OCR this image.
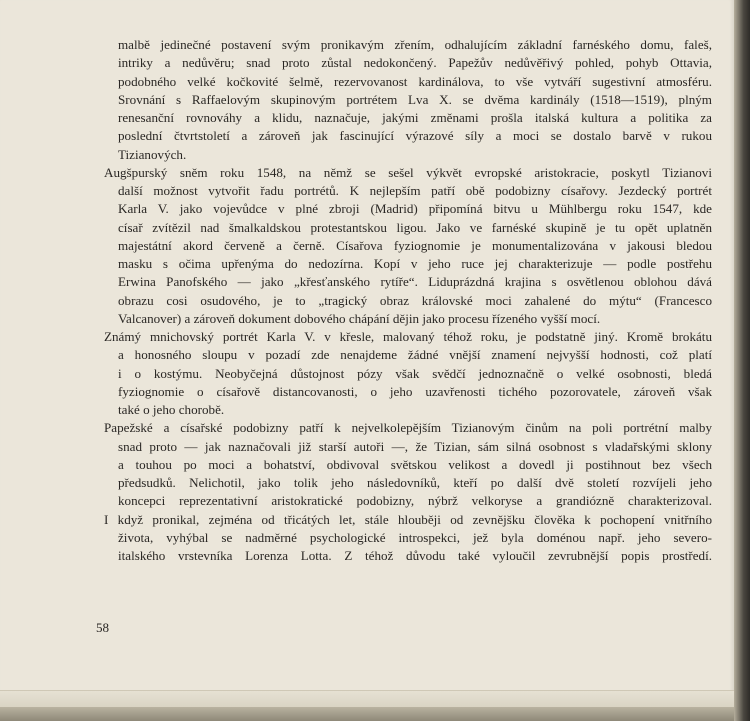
malbě jedinečné postavení svým pronikavým zřením, odhalujícím základní farnéského domu, faleš,
intriky a nedůvěru; snad proto zůstal nedokončený. Papežův nedůvěřivý pohled, pohyb Ottavia,
podobného velké kočkovité šelmě, rezervovanost kardinálova, to vše vytváří sugestivní atmosféru.
Srovnání s Raffaelovým skupinovým portrétem Lva X. se dvěma kardinály (1518—1519), plným
renesanční rovnováhy a klidu, naznačuje, jakými změnami prošla italská kultura a politika za
poslední čtvrtstoletí a zároveň jak fascinující výrazové síly a moci se dostalo barvě v rukou
Tizianových.
Augšpurský sněm roku 1548, na němž se sešel výkvět evropské aristokracie, poskytl Tizianovi
další možnost vytvořit řadu portrétů. K nejlepším patří obě podobizny císařovy. Jezdecký portrét
Karla V. jako vojevůdce v plné zbroji (Madrid) připomíná bitvu u Mühlbergu roku 1547, kde
císař zvítězil nad šmalkaldskou protestantskou ligou. Jako ve farnéské skupině je tu opět uplatněn
majestátní akord červeně a černě. Císařova fyziognomie je monumentalizována v jakousi bledou
masku s očima upřenýma do nedozírna. Kopí v jeho ruce jej charakterizuje — podle postřehu
Erwina Panofského — jako „křesťanského rytíře“. Liduprázdná krajina s osvětlenou oblohou dává
obrazu cosi osudového, je to „tragický obraz královské moci zahalené do mýtu“ (Francesco
Valcanover) a zároveň dokument dobového chápání dějin jako procesu řízeného vyšší mocí.
Známý mnichovský portrét Karla V. v křesle, malovaný téhož roku, je podstatně jiný. Kromě brokátu
a honosného sloupu v pozadí zde nenajdeme žádné vnější znamení nejvyšší hodnosti, což platí
i o kostýmu. Neobyčejná důstojnost pózy však svědčí jednoznačně o velké osobnosti, bledá
fyziognomie o císařově distancovanosti, o jeho uzavřenosti tichého pozorovatele, zároveň však
také o jeho chorobě.
Papežské a císařské podobizny patří k nejvelkolepějším Tizianovým činům na poli portrétní malby
snad proto — jak naznačovali již starší autoři —, že Tizian, sám silná osobnost s vladařskými sklony
a touhou po moci a bohatství, obdivoval světskou velikost a dovedl ji postihnout bez všech
předsudků. Nelichotil, jako tolik jeho následovníků, kteří po další dvě století rozvíjeli jeho
koncepci reprezentativní aristokratické podobizny, nýbrž velkoryse a grandiózně charakterizoval.
I když pronikal, zejména od třicátých let, stále hlouběji od zevnějšku člověka k pochopení vnitřního
života, vyhýbal se nadměrné psychologické introspekci, jež byla doménou např. jeho severo-
italského vrstevníka Lorenza Lotta. Z téhož důvodu také vyloučil zevrubnější popis prostředí.
58
